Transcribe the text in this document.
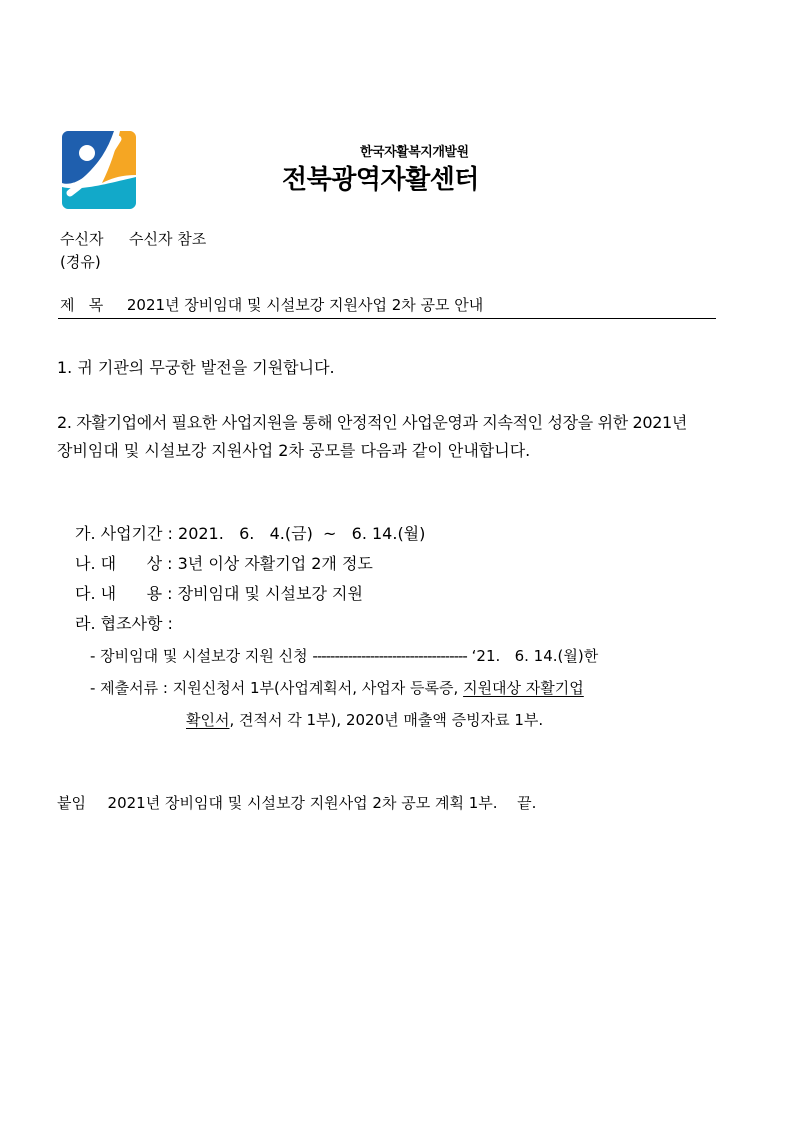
한국자활복지개발원
전북광역자활센터
수신자 수신자 참조
(경유)
제   목 2021년 장비임대 및 시설보강 지원사업 2차 공모 안내
1. 귀 기관의 무궁한 발전을 기원합니다.
2. 자활기업에서 필요한 사업지원을 통해 안정적인 사업운영과 지속적인 성장을 위한 2021년
장비임대 및 시설보강 지원사업 2차 공모를 다음과 같이 안내합니다.
가. 사업기간 : 2021.   6.   4.(금)  ~   6. 14.(월)
나. 대      상 : 3년 이상 자활기업 2개 정도
다. 내      용 : 장비임대 및 시설보강 지원
라. 협조사항 :
- 장비임대 및 시설보강 지원 신청 ----------------------------------- ‘21.   6. 14.(월)한
- 제출서류 : 지원신청서 1부(사업계획서, 사업자 등록증, 지원대상 자활기업
확인서, 견적서 각 1부), 2020년 매출액 증빙자료 1부.
붙임 2021년 장비임대 및 시설보강 지원사업 2차 공모 계획 1부. 끝.
